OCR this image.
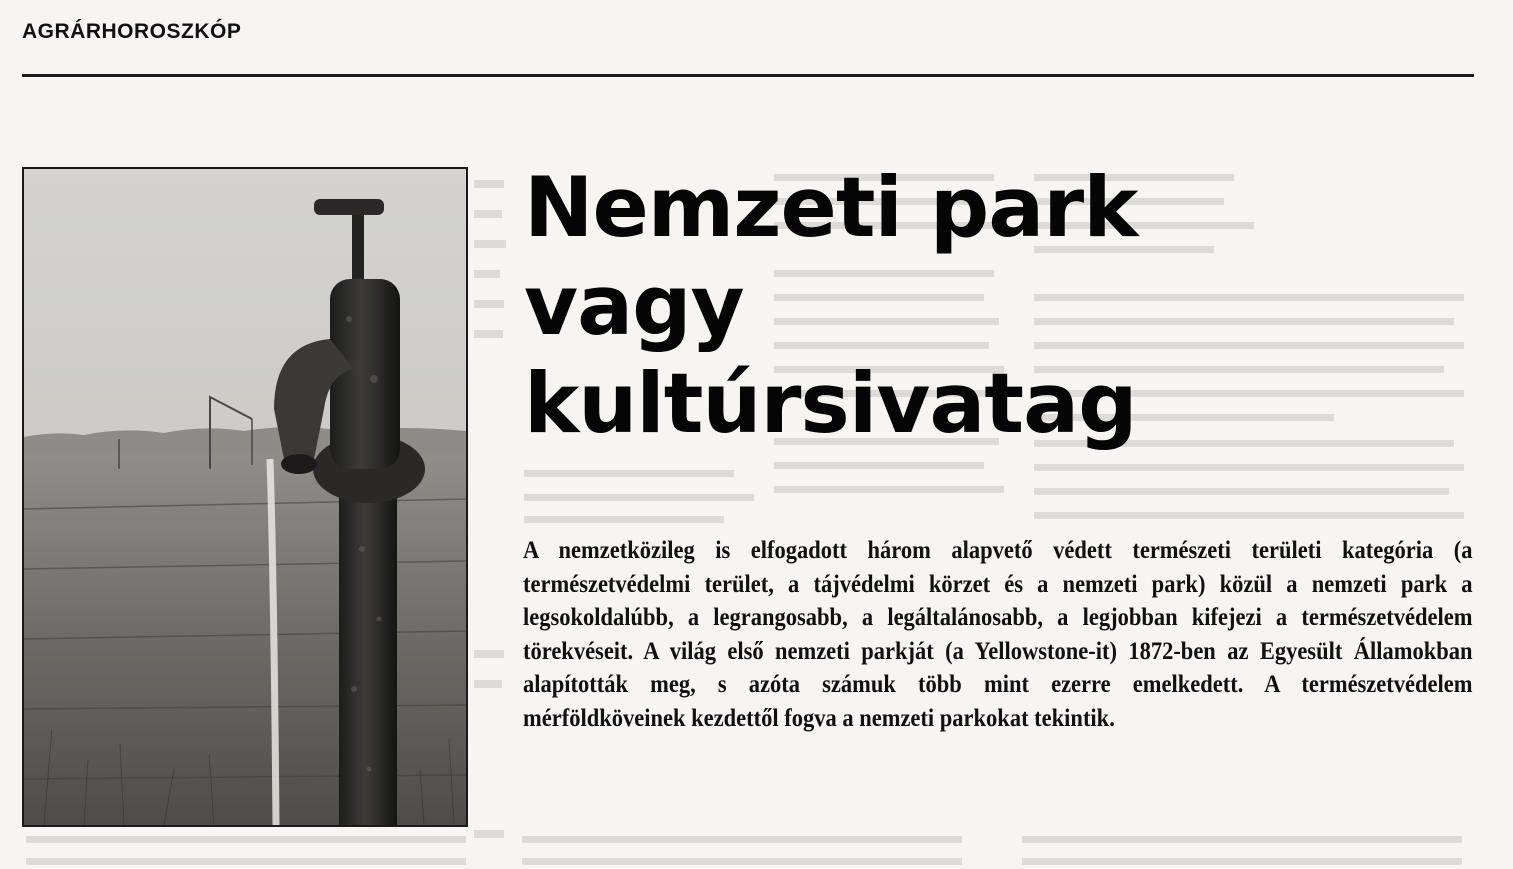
AGRÁRHOROSZKÓP
Nemzeti park
vagy
kultúrsivatag

A nemzetközileg is elfogadott három alapvető védett természeti területi kategória (a természetvédelmi terület, a tájvédelmi körzet és a nemzeti park) közül a nemzeti park a legsokoldalúbb, a legrangosabb, a legáltalánosabb, a legjobban kifejezi a természetvédelem törekvéseit. A világ első nemzeti parkját (a Yellowstone-it) 1872-ben az Egyesült Államokban alapították meg, s azóta számuk több mint ezerre emelkedett. A természetvédelem mérföldköveinek kezdettől fogva a nemzeti parkokat tekintik.
